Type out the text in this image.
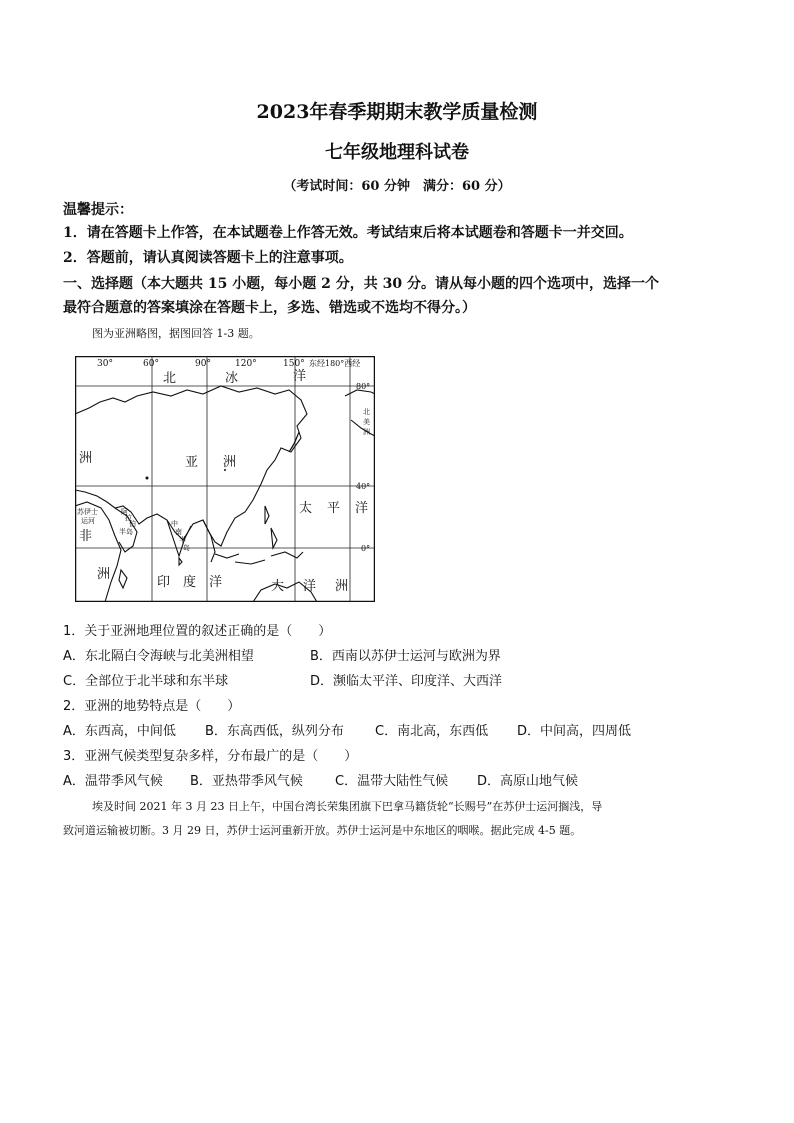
2023年春季期期末教学质量检测
七年级地理科试卷
（考试时间：60 分钟　满分：60 分）
温馨提示：
1．请在答题卡上作答，在本试题卷上作答无效。考试结束后将本试题卷和答题卡一并交回。
2．答题前，请认真阅读答题卡上的注意事项。
一、选择题（本大题共 15 小题，每小题 2 分，共 30 分。请从每小题的四个选项中，选择一个
最符合题意的答案填涂在答题卡上，多选、错选或不选均不得分。）
图为亚洲略图，据图回答 1-3 题。
30°	60°	90°	120°	150° 东经180°西经
80°
40°
0°
北	冰	洋
洲	亚 洲
非
洲
太 平 洋
印 度 洋	大 洋 洲
北
美
洲
苏伊士
运河
阿
拉
伯
半岛
中
南
半
岛
1．关于亚洲地理位置的叙述正确的是（　　）
A．东北隔白令海峡与北美洲相望	B．西南以苏伊士运河与欧洲为界
C．全部位于北半球和东半球	D．濒临太平洋、印度洋、大西洋
2．亚洲的地势特点是（　　）
A．东西高，中间低 B．东高西低，纵列分布 C．南北高，东西低 D．中间高，四周低
3．亚洲气候类型复杂多样，分布最广的是（　　）
A．温带季风气候 B．亚热带季风气候 C．温带大陆性气候 D．高原山地气候
埃及时间 2021 年 3 月 23 日上午，中国台湾长荣集团旗下巴拿马籍货轮“长赐号”在苏伊士运河搁浅，导
致河道运输被切断。3 月 29 日，苏伊士运河重新开放。苏伊士运河是中东地区的咽喉。据此完成 4-5 题。
